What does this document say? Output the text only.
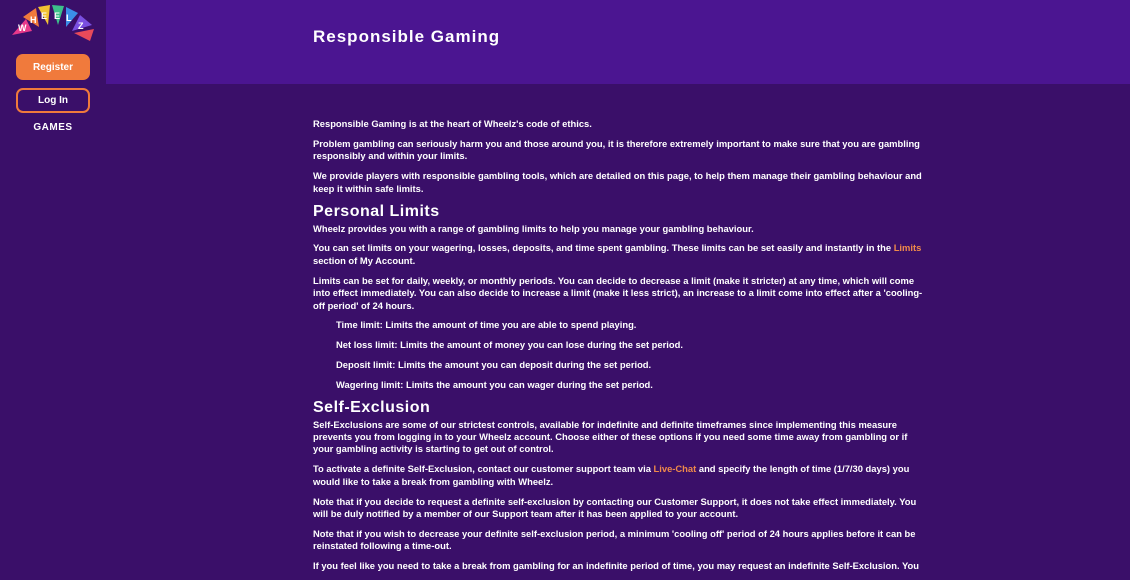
W
H E E L
Z
Register
Log In
GAMES
Responsible Gaming

Responsible Gaming is at the heart of Wheelz's code of ethics.

Problem gambling can seriously harm you and those around you, it is therefore extremely important to make sure that you are gambling responsibly and within your limits.

We provide players with responsible gambling tools, which are detailed on this page, to help them manage their gambling behaviour and keep it within safe limits.

Personal Limits

Wheelz provides you with a range of gambling limits to help you manage your gambling behaviour.

You can set limits on your wagering, losses, deposits, and time spent gambling. These limits can be set easily and instantly in the Limits section of My Account.

Limits can be set for daily, weekly, or monthly periods. You can decide to decrease a limit (make it stricter) at any time, which will come into effect immediately. You can also decide to increase a limit (make it less strict), an increase to a limit come into effect after a 'cooling-off period' of 24 hours.

Time limit: Limits the amount of time you are able to spend playing.
Net loss limit: Limits the amount of money you can lose during the set period.
Deposit limit: Limits the amount you can deposit during the set period.
Wagering limit: Limits the amount you can wager during the set period.
Self-Exclusion

Self-Exclusions are some of our strictest controls, available for indefinite and definite timeframes since implementing this measure prevents you from logging in to your Wheelz account. Choose either of these options if you need some time away from gambling or if your gambling activity is starting to get out of control.

To activate a definite Self-Exclusion, contact our customer support team via Live-Chat and specify the length of time (1/7/30 days) you would like to take a break from gambling with Wheelz.

Note that if you decide to request a definite self-exclusion by contacting our Customer Support, it does not take effect immediately. You will be duly notified by a member of our Support team after it has been applied to your account.

Note that if you wish to decrease your definite self-exclusion period, a minimum 'cooling off' period of 24 hours applies before it can be reinstated following a time-out.

If you feel like you need to take a break from gambling for an indefinite period of time, you may request an indefinite Self-Exclusion. You
